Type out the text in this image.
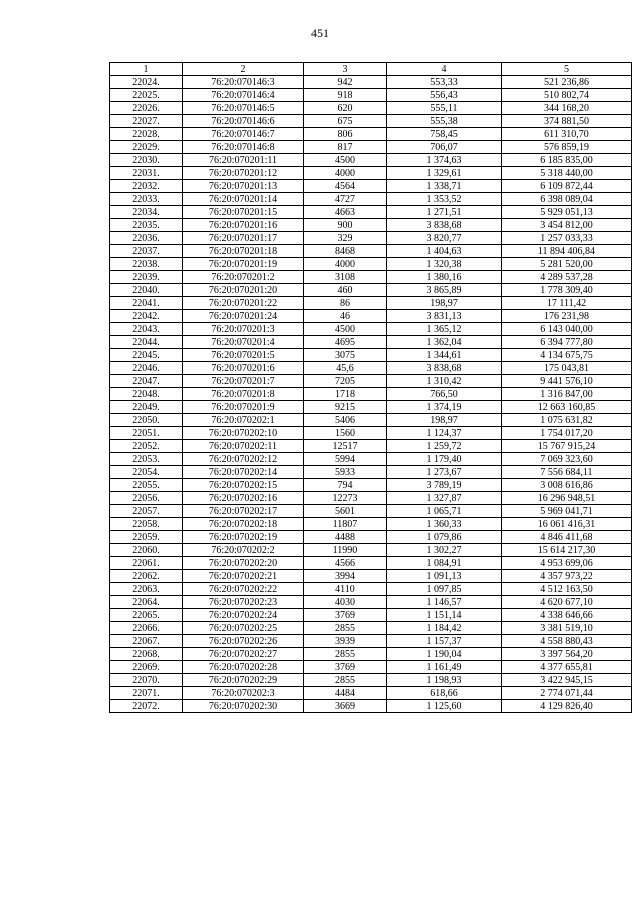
451
1	2	3	4	5
22024.	76:20:070146:3	942	553,33	521 236,86
22025.	76:20:070146:4	918	556,43	510 802,74
22026.	76:20:070146:5	620	555,11	344 168,20
22027.	76:20:070146:6	675	555,38	374 881,50
22028.	76:20:070146:7	806	758,45	611 310,70
22029.	76:20:070146:8	817	706,07	576 859,19
22030.	76:20:070201:11	4500	1 374,63	6 185 835,00
22031.	76:20:070201:12	4000	1 329,61	5 318 440,00
22032.	76:20:070201:13	4564	1 338,71	6 109 872,44
22033.	76:20:070201:14	4727	1 353,52	6 398 089,04
22034.	76:20:070201:15	4663	1 271,51	5 929 051,13
22035.	76:20:070201:16	900	3 838,68	3 454 812,00
22036.	76:20:070201:17	329	3 820,77	1 257 033,33
22037.	76:20:070201:18	8468	1 404,63	11 894 406,84
22038.	76:20:070201:19	4000	1 320,38	5 281 520,00
22039.	76:20:070201:2	3108	1 380,16	4 289 537,28
22040.	76:20:070201:20	460	3 865,89	1 778 309,40
22041.	76:20:070201:22	86	198,97	17 111,42
22042.	76:20:070201:24	46	3 831,13	176 231,98
22043.	76:20:070201:3	4500	1 365,12	6 143 040,00
22044.	76:20:070201:4	4695	1 362,04	6 394 777,80
22045.	76:20:070201:5	3075	1 344,61	4 134 675,75
22046.	76:20:070201:6	45,6	3 838,68	175 043,81
22047.	76:20:070201:7	7205	1 310,42	9 441 576,10
22048.	76:20:070201:8	1718	766,50	1 316 847,00
22049.	76:20:070201:9	9215	1 374,19	12 663 160,85
22050.	76:20:070202:1	5406	198,97	1 075 631,82
22051.	76:20:070202:10	1560	1 124,37	1 754 017,20
22052.	76:20:070202:11	12517	1 259,72	15 767 915,24
22053.	76:20:070202:12	5994	1 179,40	7 069 323,60
22054.	76:20:070202:14	5933	1 273,67	7 556 684,11
22055.	76:20:070202:15	794	3 789,19	3 008 616,86
22056.	76:20:070202:16	12273	1 327,87	16 296 948,51
22057.	76:20:070202:17	5601	1 065,71	5 969 041,71
22058.	76:20:070202:18	11807	1 360,33	16 061 416,31
22059.	76:20:070202:19	4488	1 079,86	4 846 411,68
22060.	76:20:070202:2	11990	1 302,27	15 614 217,30
22061.	76:20:070202:20	4566	1 084,91	4 953 699,06
22062.	76:20:070202:21	3994	1 091,13	4 357 973,22
22063.	76:20:070202:22	4110	1 097,85	4 512 163,50
22064.	76:20:070202:23	4030	1 146,57	4 620 677,10
22065.	76:20:070202:24	3769	1 151,14	4 338 646,66
22066.	76:20:070202:25	2855	1 184,42	3 381 519,10
22067.	76:20:070202:26	3939	1 157,37	4 558 880,43
22068.	76:20:070202:27	2855	1 190,04	3 397 564,20
22069.	76:20:070202:28	3769	1 161,49	4 377 655,81
22070.	76:20:070202:29	2855	1 198,93	3 422 945,15
22071.	76:20:070202:3	4484	618,66	2 774 071,44
22072.	76:20:070202:30	3669	1 125,60	4 129 826,40
